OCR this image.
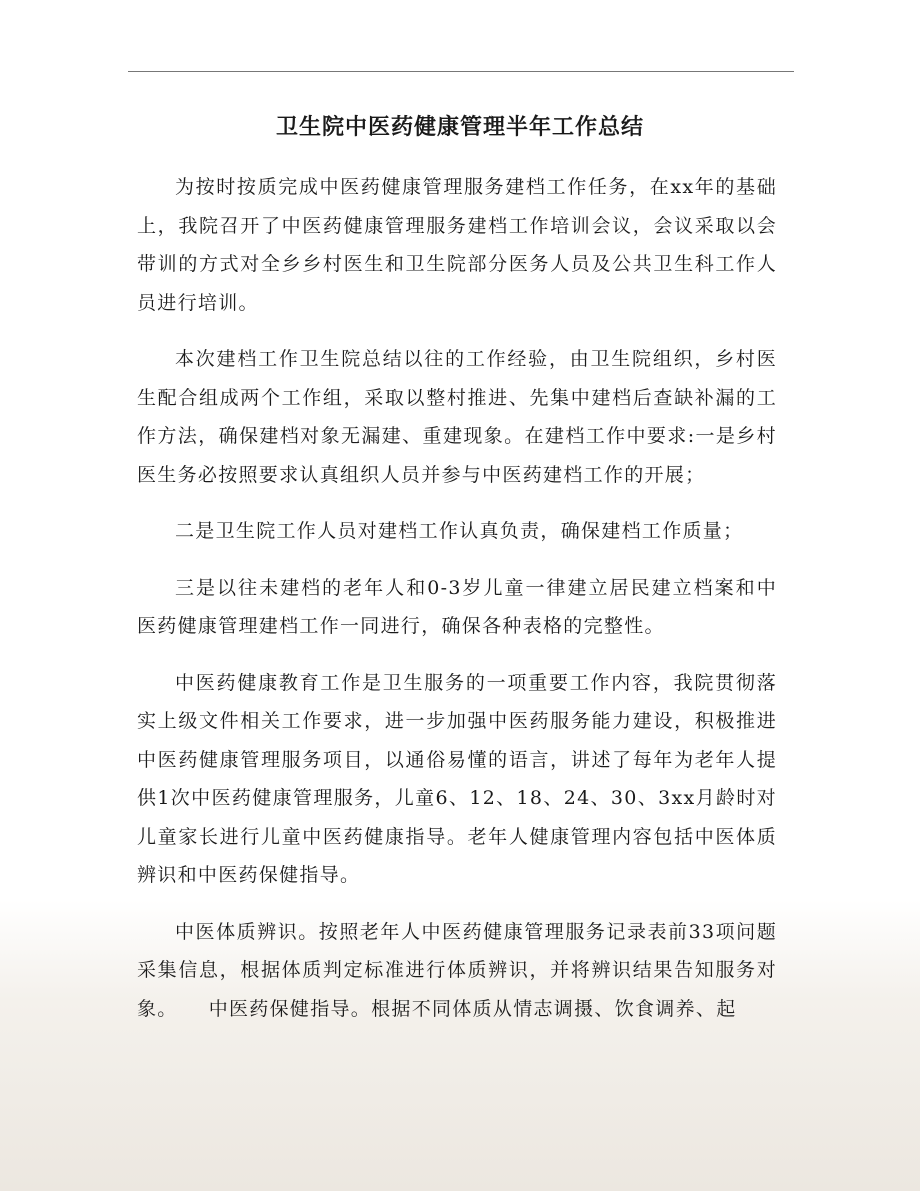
卫生院中医药健康管理半年工作总结

为按时按质完成中医药健康管理服务建档工作任务，在xx年的基础上，我院召开了中医药健康管理服务建档工作培训会议，会议采取以会带训的方式对全乡乡村医生和卫生院部分医务人员及公共卫生科工作人员进行培训。

本次建档工作卫生院总结以往的工作经验，由卫生院组织，乡村医生配合组成两个工作组，采取以整村推进、先集中建档后查缺补漏的工作方法，确保建档对象无漏建、重建现象。在建档工作中要求:一是乡村医生务必按照要求认真组织人员并参与中医药建档工作的开展；

二是卫生院工作人员对建档工作认真负责，确保建档工作质量；

三是以往未建档的老年人和0-3岁儿童一律建立居民建立档案和中医药健康管理建档工作一同进行，确保各种表格的完整性。

中医药健康教育工作是卫生服务的一项重要工作内容，我院贯彻落实上级文件相关工作要求，进一步加强中医药服务能力建设，积极推进中医药健康管理服务项目，以通俗易懂的语言，讲述了每年为老年人提供1次中医药健康管理服务，儿童6、12、18、24、30、3xx月龄时对儿童家长进行儿童中医药健康指导。老年人健康管理内容包括中医体质辨识和中医药保健指导。

中医体质辨识。按照老年人中医药健康管理服务记录表前33项问题采集信息，根据体质判定标准进行体质辨识，并将辨识结果告知服务对象。　　中医药保健指导。根据不同体质从情志调摄、饮食调养、起
